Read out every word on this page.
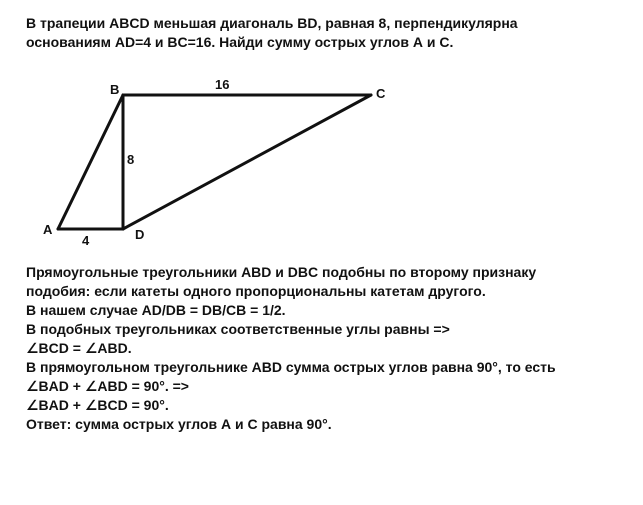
В трапеции ABCD меньшая диагональ BD, равная 8, перпендикулярна
основаниям AD=4 и BC=16. Найди сумму острых углов А и С.
A
B	C
D
16
8
4
Прямоугольные треугольники ABD и DBC подобны по второму признаку
подобия: если катеты одного пропорциональны катетам другого.
В нашем случае AD/DB = DB/CB = 1/2.
В подобных треугольниках соответственные углы равны =>
∠BCD = ∠ABD.
В прямоугольном треугольнике ABD сумма острых углов равна 90°, то есть
∠BAD + ∠ABD = 90°. =>
∠BAD + ∠BCD = 90°.
Ответ: сумма острых углов А и С равна 90°.
